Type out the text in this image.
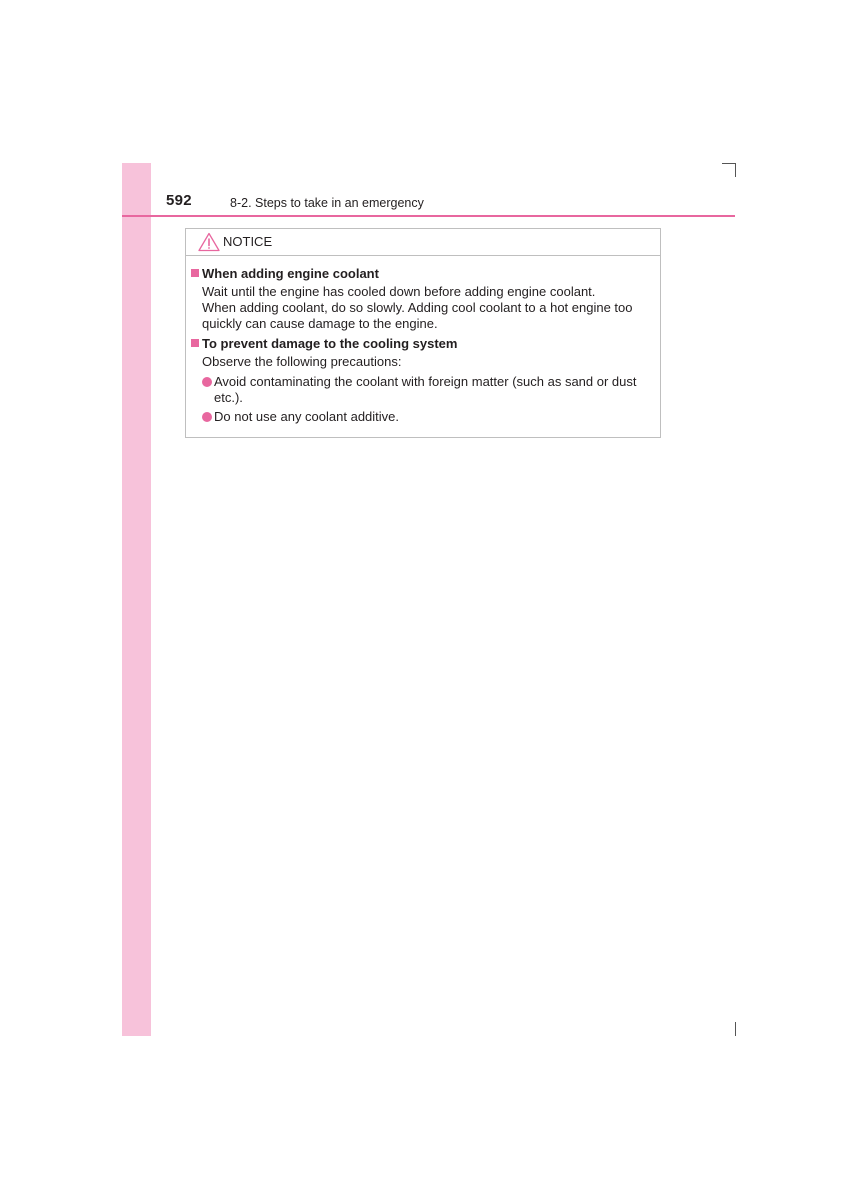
592	8-2. Steps to take in an emergency
NOTICE
When adding engine coolant
Wait until the engine has cooled down before adding engine coolant.
When adding coolant, do so slowly. Adding cool coolant to a hot engine too quickly can cause damage to the engine.
To prevent damage to the cooling system
Observe the following precautions:
Avoid contaminating the coolant with foreign matter (such as sand or dust etc.).
Do not use any coolant additive.
